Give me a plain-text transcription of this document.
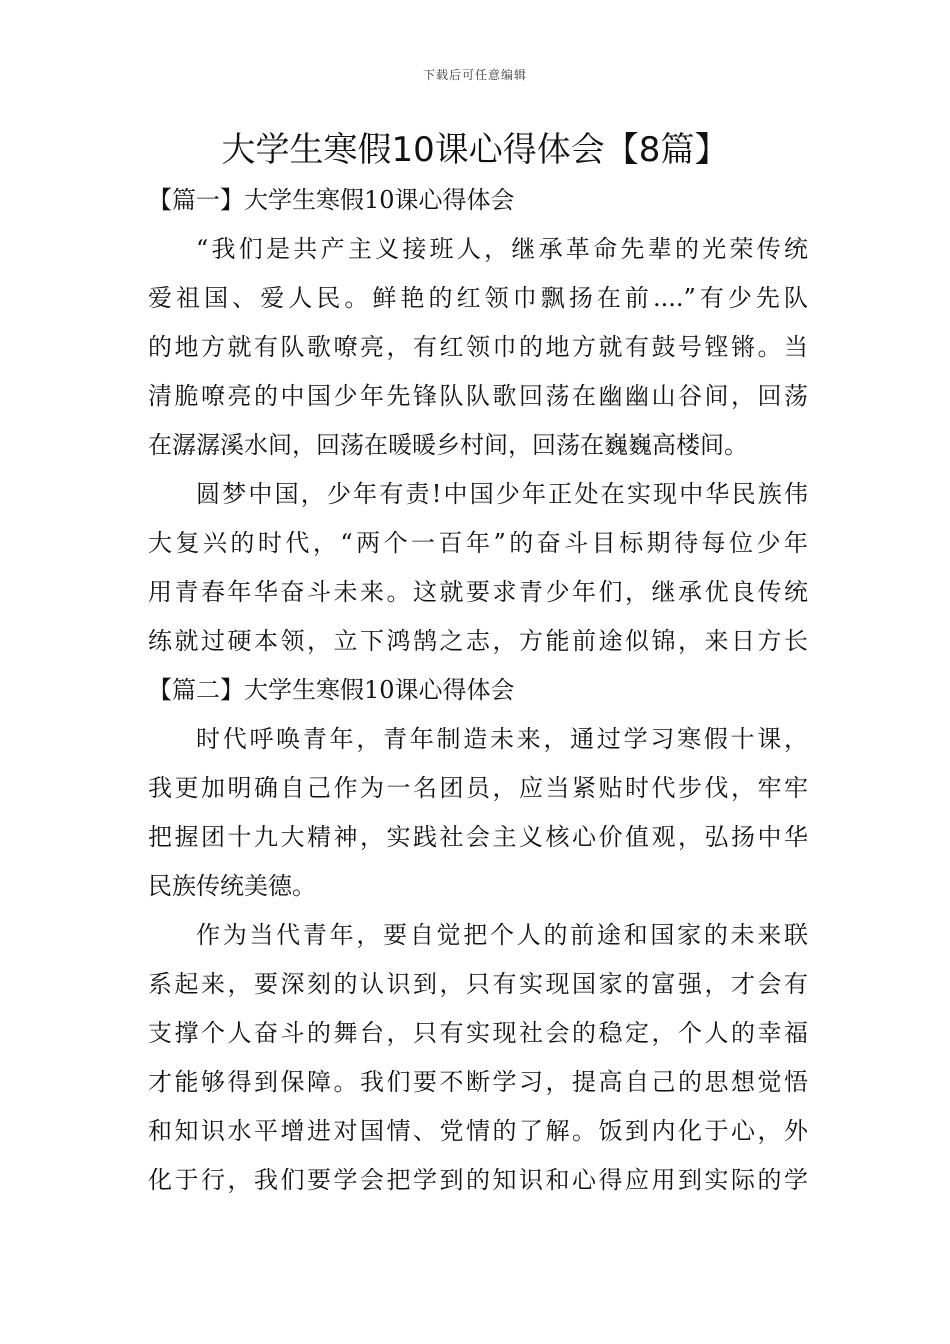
下载后可任意编辑
大学生寒假10课心得体会【8篇】
【篇一】大学生寒假10课心得体会
“我们是共产主义接班人，继承革命先辈的光荣传统
爱祖国、爱人民。鲜艳的红领巾飘扬在前....”有少先队
的地方就有队歌嘹亮，有红领巾的地方就有鼓号铿锵。当
清脆嘹亮的中国少年先锋队队歌回荡在幽幽山谷间，回荡
在潺潺溪水间，回荡在暖暖乡村间，回荡在巍巍高楼间。
圆梦中国，少年有责!中国少年正处在实现中华民族伟
大复兴的时代，“两个一百年”的奋斗目标期待每位少年
用青春年华奋斗未来。这就要求青少年们，继承优良传统
练就过硬本领，立下鸿鹄之志，方能前途似锦，来日方长
【篇二】大学生寒假10课心得体会
时代呼唤青年，青年制造未来，通过学习寒假十课，
我更加明确自己作为一名团员，应当紧贴时代步伐，牢牢
把握团十九大精神，实践社会主义核心价值观，弘扬中华
民族传统美德。
作为当代青年，要自觉把个人的前途和国家的未来联
系起来，要深刻的认识到，只有实现国家的富强，才会有
支撑个人奋斗的舞台，只有实现社会的稳定，个人的幸福
才能够得到保障。我们要不断学习，提高自己的思想觉悟
和知识水平增进对国情、党情的了解。饭到内化于心，外
化于行，我们要学会把学到的知识和心得应用到实际的学
